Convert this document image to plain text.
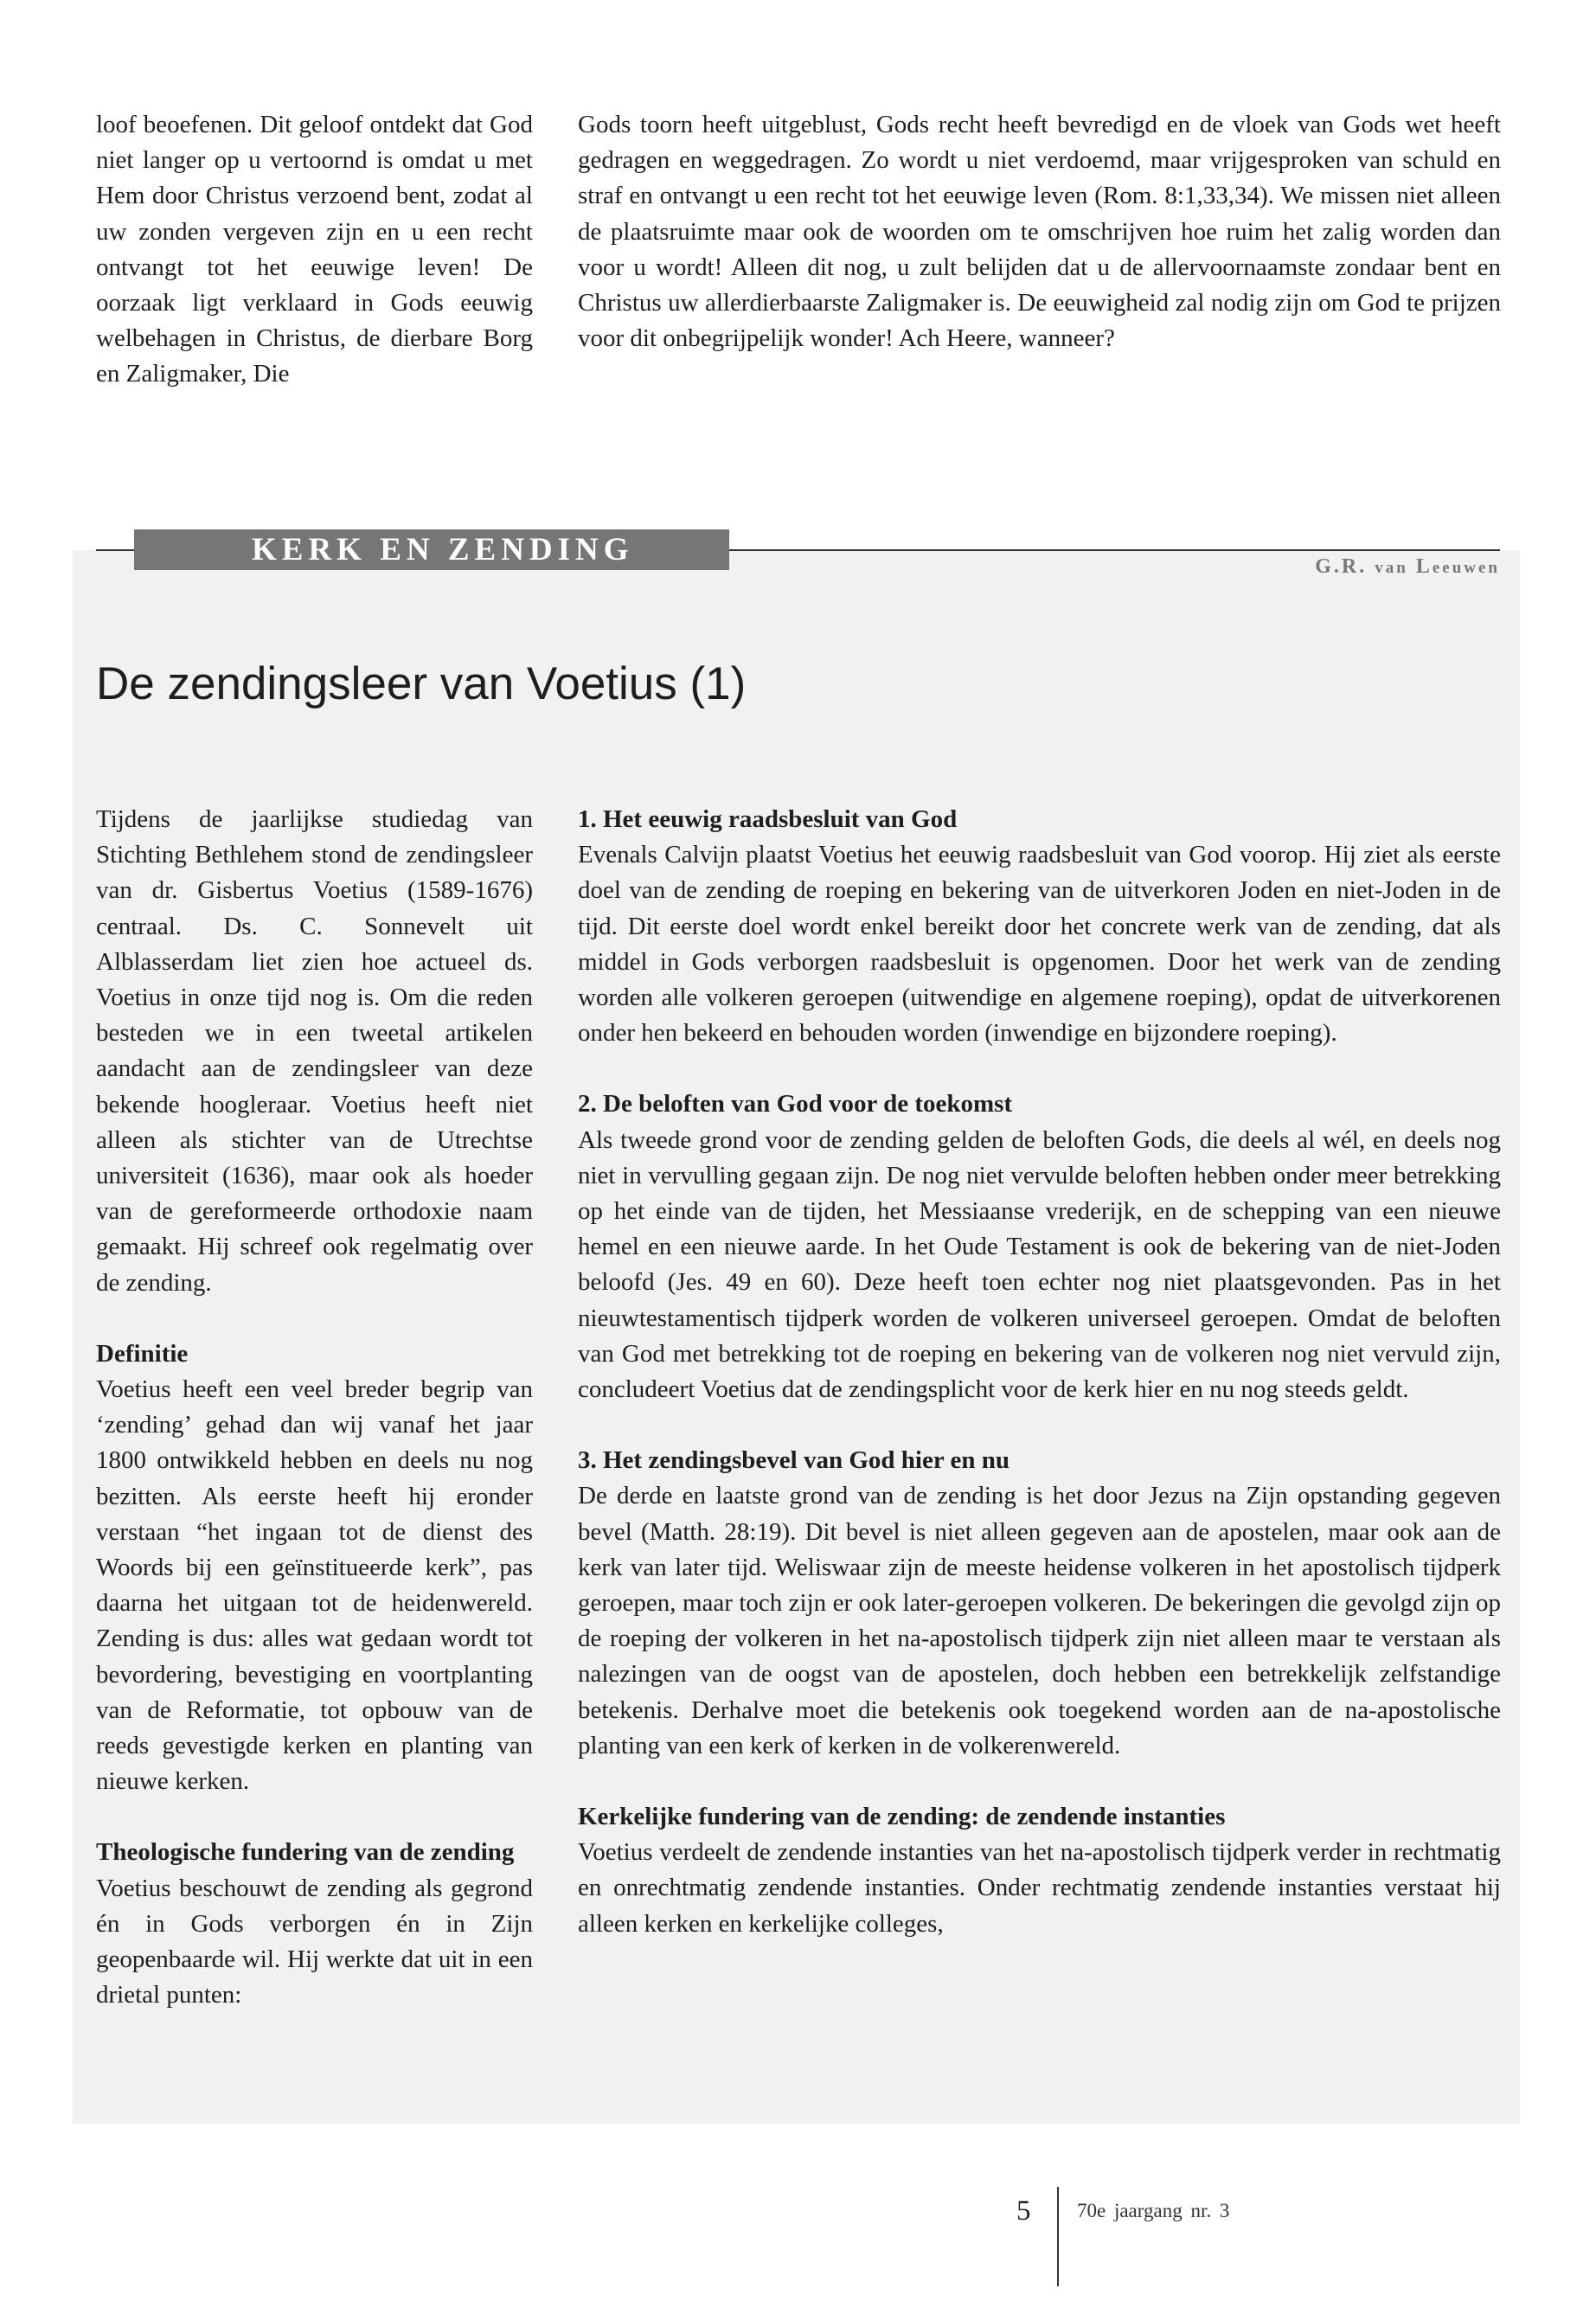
loof beoefenen. Dit geloof ontdekt dat God niet langer op u vertoornd is omdat u met Hem door Christus verzoend bent, zodat al uw zonden vergeven zijn en u een recht ontvangt tot het eeuwige leven! De oorzaak ligt verklaard in Gods eeuwig welbehagen in Christus, de dierbare Borg en Zaligmaker, Die

Gods toorn heeft uitgeblust, Gods recht heeft bevredigd en de vloek van Gods wet heeft gedragen en weggedragen. Zo wordt u niet verdoemd, maar vrijgesproken van schuld en straf en ontvangt u een recht tot het eeuwige leven (Rom. 8:1,33,34). We missen niet alleen de plaatsruimte maar ook de woorden om te omschrijven hoe ruim het zalig worden dan voor u wordt! Alleen dit nog, u zult belijden dat u de allervoornaamste zondaar bent en Christus uw allerdierbaarste Zaligmaker is. De eeuwigheid zal nodig zijn om God te prijzen voor dit onbegrijpelijk wonder! Ach Heere, wanneer?

KERK EN ZENDING	G.R. van Leeuwen
De zendingsleer van Voetius (1)

Tijdens de jaarlijkse studiedag van Stichting Bethlehem stond de zendingsleer van dr. Gisbertus Voetius (1589-1676) centraal. Ds. C. Sonnevelt uit Alblasserdam liet zien hoe actueel ds. Voetius in onze tijd nog is. Om die reden besteden we in een tweetal artikelen aandacht aan de zendingsleer van deze bekende hoogleraar. Voetius heeft niet alleen als stichter van de Utrechtse universiteit (1636), maar ook als hoeder van de gereformeerde orthodoxie naam gemaakt. Hij schreef ook regelmatig over de zending.

Definitie

Voetius heeft een veel breder begrip van ‘zending’ gehad dan wij vanaf het jaar 1800 ontwikkeld hebben en deels nu nog bezitten. Als eerste heeft hij eronder verstaan “het ingaan tot de dienst des Woords bij een geïnstitueerde kerk”, pas daarna het uitgaan tot de heidenwereld. Zending is dus: alles wat gedaan wordt tot bevordering, bevestiging en voortplanting van de Reformatie, tot opbouw van de reeds gevestigde kerken en planting van nieuwe kerken.

Theologische fundering van de zending

Voetius beschouwt de zending als gegrond én in Gods verborgen én in Zijn geopenbaarde wil. Hij werkte dat uit in een drietal punten:

1. Het eeuwig raadsbesluit van God

Evenals Calvijn plaatst Voetius het eeuwig raadsbesluit van God voorop. Hij ziet als eerste doel van de zending de roeping en bekering van de uitverkoren Joden en niet-Joden in de tijd. Dit eerste doel wordt enkel bereikt door het concrete werk van de zending, dat als middel in Gods verborgen raadsbesluit is opgenomen. Door het werk van de zending worden alle volkeren geroepen (uitwendige en algemene roeping), opdat de uitverkorenen onder hen bekeerd en behouden worden (inwendige en bijzondere roeping).

2. De beloften van God voor de toekomst

Als tweede grond voor de zending gelden de beloften Gods, die deels al wél, en deels nog niet in vervulling gegaan zijn. De nog niet vervulde beloften hebben onder meer betrekking op het einde van de tijden, het Messiaanse vrederijk, en de schepping van een nieuwe hemel en een nieuwe aarde. In het Oude Testament is ook de bekering van de niet-Joden beloofd (Jes. 49 en 60). Deze heeft toen echter nog niet plaatsgevonden. Pas in het nieuwtestamentisch tijdperk worden de volkeren universeel geroepen. Omdat de beloften van God met betrekking tot de roeping en bekering van de volkeren nog niet vervuld zijn, concludeert Voetius dat de zendingsplicht voor de kerk hier en nu nog steeds geldt.

3. Het zendingsbevel van God hier en nu

De derde en laatste grond van de zending is het door Jezus na Zijn opstanding gegeven bevel (Matth. 28:19). Dit bevel is niet alleen gegeven aan de apostelen, maar ook aan de kerk van later tijd. Weliswaar zijn de meeste heidense volkeren in het apostolisch tijdperk geroepen, maar toch zijn er ook later-geroepen volkeren. De bekeringen die gevolgd zijn op de roeping der volkeren in het na-apostolisch tijdperk zijn niet alleen maar te verstaan als nalezingen van de oogst van de apostelen, doch hebben een betrekkelijk zelfstandige betekenis. Derhalve moet die betekenis ook toegekend worden aan de na-apostolische planting van een kerk of kerken in de volkerenwereld.

Kerkelijke fundering van de zending: de zendende instanties

Voetius verdeelt de zendende instanties van het na-apostolisch tijdperk verder in rechtmatig en onrechtmatig zendende instanties. Onder rechtmatig zendende instanties verstaat hij alleen kerken en kerkelijke colleges,

5 70e jaargang nr. 3
